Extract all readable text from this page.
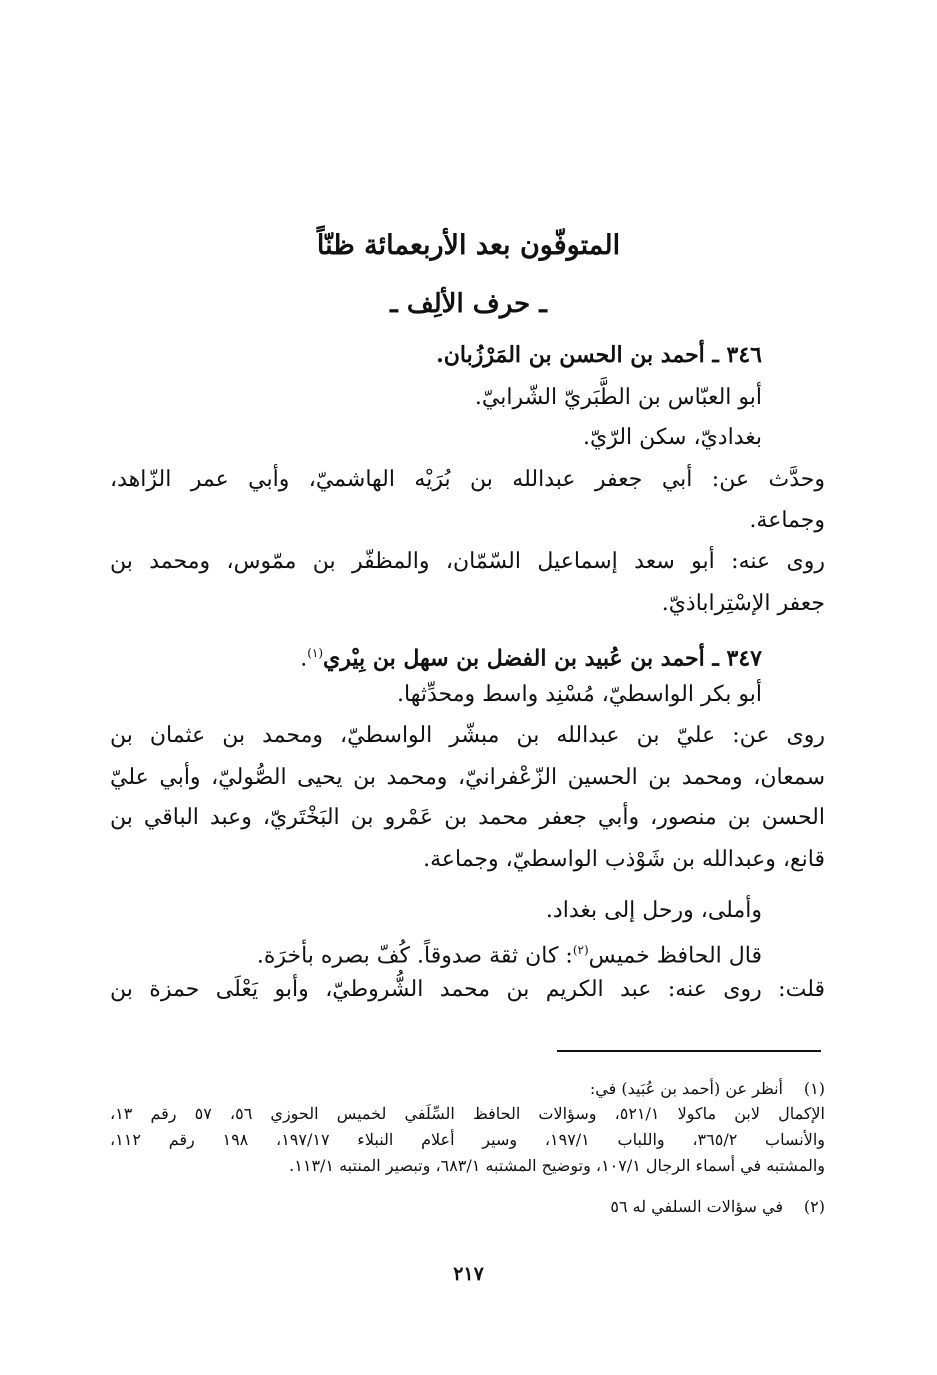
المتوفّون بعد الأربعمائة ظنّاً
ـ حرف الألِف ـ
٣٤٦ ـ أحمد بن الحسن بن المَرْزُبان.
أبو العبّاس بن الطَّبَريّ الشّرابيّ.
بغداديّ، سكن الرّيّ.
وحدَّث عن: أبي جعفر عبدالله بن بُرَيْه الهاشميّ، وأبي عمر الزّاهد،
وجماعة.
روى عنه: أبو سعد إسماعيل السّمّان، والمظفّر بن ممّوس، ومحمد بن
جعفر الإسْتِراباذيّ.
٣٤٧ ـ أحمد بن عُبيد بن الفضل بن سهل بن بِيْري$^{(١)}$.
أبو بكر الواسطيّ، مُسْنِد واسط ومحدِّثها.
روى عن: عليّ بن عبدالله بن مبشّر الواسطيّ، ومحمد بن عثمان بن
سمعان، ومحمد بن الحسين الزّعْفرانيّ، ومحمد بن يحيى الصُّوليّ، وأبي عليّ
الحسن بن منصور، وأبي جعفر محمد بن عَمْرو بن البَخْتَريّ، وعبد الباقي بن
قانع، وعبدالله بن شَوْذب الواسطيّ، وجماعة.
وأملى، ورحل إلى بغداد.
قال الحافظ خميس$^{(٢)}$: كان ثقة صدوقاً. كُفّ بصره بأخرَة.
قلت: روى عنه: عبد الكريم بن محمد الشُّروطيّ، وأبو يَعْلَى حمزة بن
(١)أنظر عن (أحمد بن عُبَيد) في:
الإكمال لابن ماكولا ٥٢١/١، وسؤالات الحافظ السِّلَفي لخميس الحوزي ٥٦، ٥٧ رقم ١٣،
والأنساب ٣٦٥/٢، واللباب ١٩٧/١، وسير أعلام النبلاء ١٩٧/١٧، ١٩٨ رقم ١١٢،
والمشتبه في أسماء الرجال ١٠٧/١، وتوضيح المشتبه ٦٨٣/١، وتبصير المنتبه ١١٣/١.
(٢)في سؤالات السلفي له ٥٦
٢١٧
